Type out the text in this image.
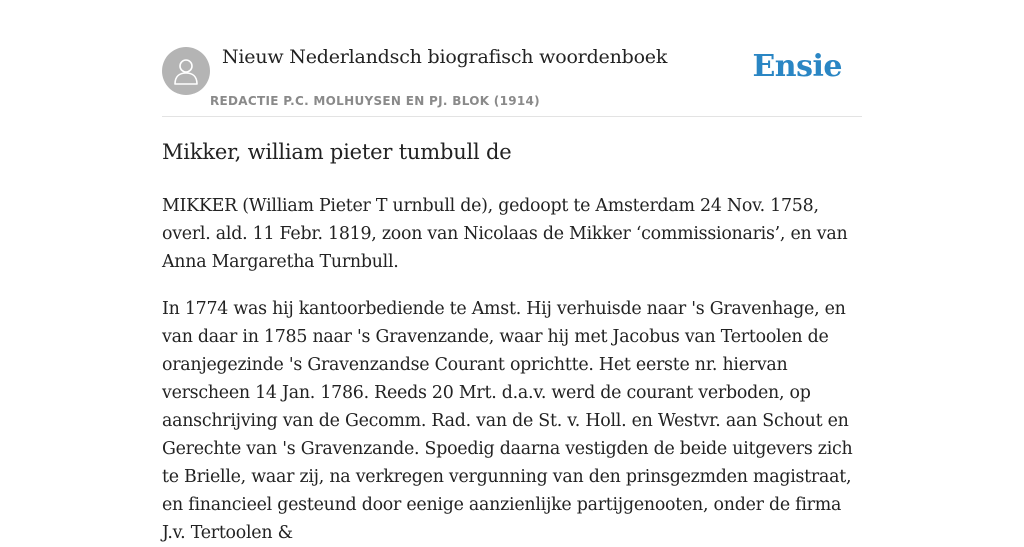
Nieuw Nederlandsch biografisch woordenboek
REDACTIE P.C. MOLHUYSEN EN PJ. BLOK (1914)
Ensie
Mikker, william pieter tumbull de

MIKKER (William Pieter T urnbull de), gedoopt te Amsterdam 24 Nov. 1758, overl. ald. 11 Febr. 1819, zoon van Nicolaas de Mikker ‘commissionaris’, en van Anna Margaretha Turnbull.

In 1774 was hij kantoorbediende te Amst. Hij verhuisde naar 's Gravenhage, en van daar in 1785 naar 's Gravenzande, waar hij met Jacobus van Tertoolen de oranjegezinde 's Gravenzandse Courant oprichtte. Het eerste nr. hiervan verscheen 14 Jan. 1786. Reeds 20 Mrt. d.a.v. werd de courant verboden, op aanschrijving van de Gecomm. Rad. van de St. v. Holl. en Westvr. aan Schout en Gerechte van 's Gravenzande. Spoedig daarna vestigden de beide uitgevers zich te Brielle, waar zij, na verkregen vergunning van den prinsgezmden magistraat, en financieel gesteund door eenige aanzienlijke partijgenooten, onder de firma J.v. Tertoolen &
